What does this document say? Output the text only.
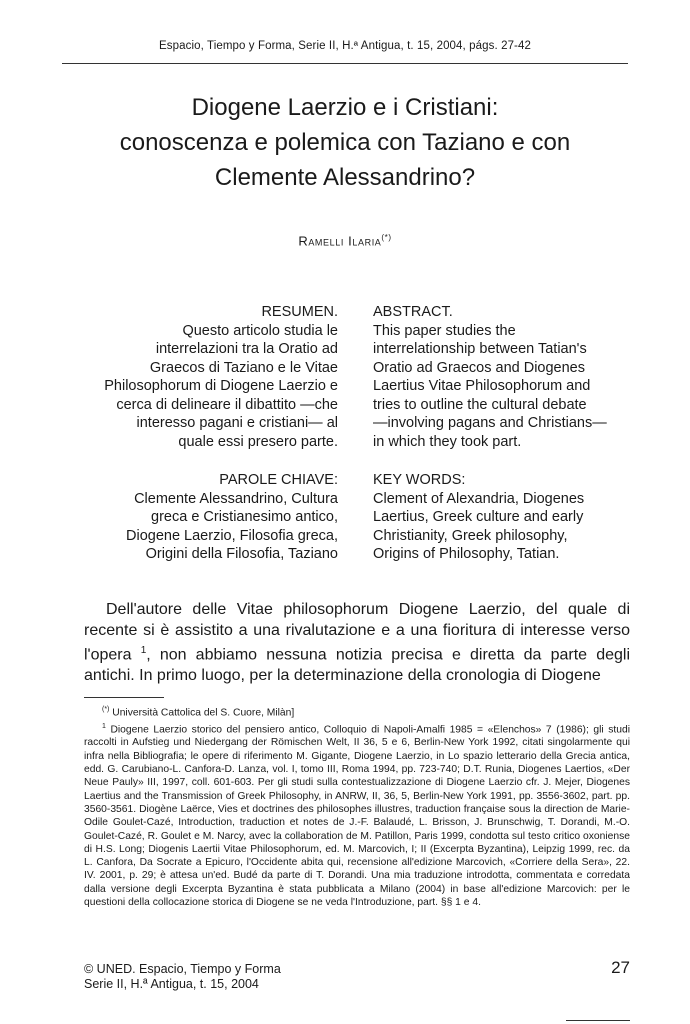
Espacio, Tiempo y Forma, Serie II, H.ª Antigua, t. 15, 2004, págs. 27-42
Diogene Laerzio e i Cristiani:
conoscenza e polemica con Taziano e con
Clemente Alessandrino?
Ramelli Ilaria(*)
RESUMEN.
Questo articolo studia le
interrelazioni tra la Oratio ad
Graecos di Taziano e le Vitae
Philosophorum di Diogene Laerzio e
cerca di delineare il dibattito —che
interesso pagani e cristiani— al
quale essi presero parte.
ABSTRACT.
This paper studies the
interrelationship between Tatian's
Oratio ad Graecos and Diogenes
Laertius Vitae Philosophorum and
tries to outline the cultural debate
—involving pagans and Christians—
in which they took part.
PAROLE CHIAVE:
Clemente Alessandrino, Cultura
greca e Cristianesimo antico,
Diogene Laerzio, Filosofia greca,
Origini della Filosofia, Taziano
KEY WORDS:
Clement of Alexandria, Diogenes
Laertius, Greek culture and early
Christianity, Greek philosophy,
Origins of Philosophy, Tatian.

Dell'autore delle Vitae philosophorum Diogene Laerzio, del quale di recente si è assistito a una rivalutazione e a una fioritura di interesse verso l'opera $^1$, non abbiamo nessuna notizia precisa e diretta da parte degli antichi. In primo luogo, per la determinazione della cronologia di Diogene

(*) Università Cattolica del S. Cuore, Milàn]

$^1$ Diogene Laerzio storico del pensiero antico, Colloquio di Napoli-Amalfi 1985 = «Elenchos» 7 (1986); gli studi raccolti in Aufstieg und Niedergang der Römischen Welt, II 36, 5 e 6, Berlin-New York 1992, citati singolarmente qui infra nella Bibliografia; le opere di riferimento M. Gigante, Diogene Laerzio, in Lo spazio letterario della Grecia antica, edd. G. Carubiano-L. Canfora-D. Lanza, vol. I, tomo III, Roma 1994, pp. 723-740; D.T. Runia, Diogenes Laertios, «Der Neue Pauly» III, 1997, coll. 601-603. Per gli studi sulla contestualizzazione di Diogene Laerzio cfr. J. Mejer, Diogenes Laertius and the Transmission of Greek Philosophy, in ANRW, II, 36, 5, Berlin-New York 1991, pp. 3556-3602, part. pp. 3560-3561. Diogène Laërce, Vies et doctrines des philosophes illustres, traduction française sous la direction de Marie-Odile Goulet-Cazé, Introduction, traduction et notes de J.-F. Balaudé, L. Brisson, J. Brunschwig, T. Dorandi, M.-O. Goulet-Cazé, R. Goulet e M. Narcy, avec la collaboration de M. Patillon, Paris 1999, condotta sul testo critico oxoniense di H.S. Long; Diogenis Laertii Vitae Philosophorum, ed. M. Marcovich, I; II (Excerpta Byzantina), Leipzig 1999, rec. da L. Canfora, Da Socrate a Epicuro, l'Occidente abita qui, recensione all'edizione Marcovich, «Corriere della Sera», 22. IV. 2001, p. 29; è attesa un'ed. Budé da parte di T. Dorandi. Una mia traduzione introdotta, commentata e corredata dalla versione degli Excerpta Byzantina è stata pubblicata a Milano (2004) in base all'edizione Marcovich: per le questioni della collocazione storica di Diogene se ne veda l'Introduzione, part. §§ 1 e 4.

© UNED. Espacio, Tiempo y Forma
Serie II, H.ª Antigua, t. 15, 2004
27
